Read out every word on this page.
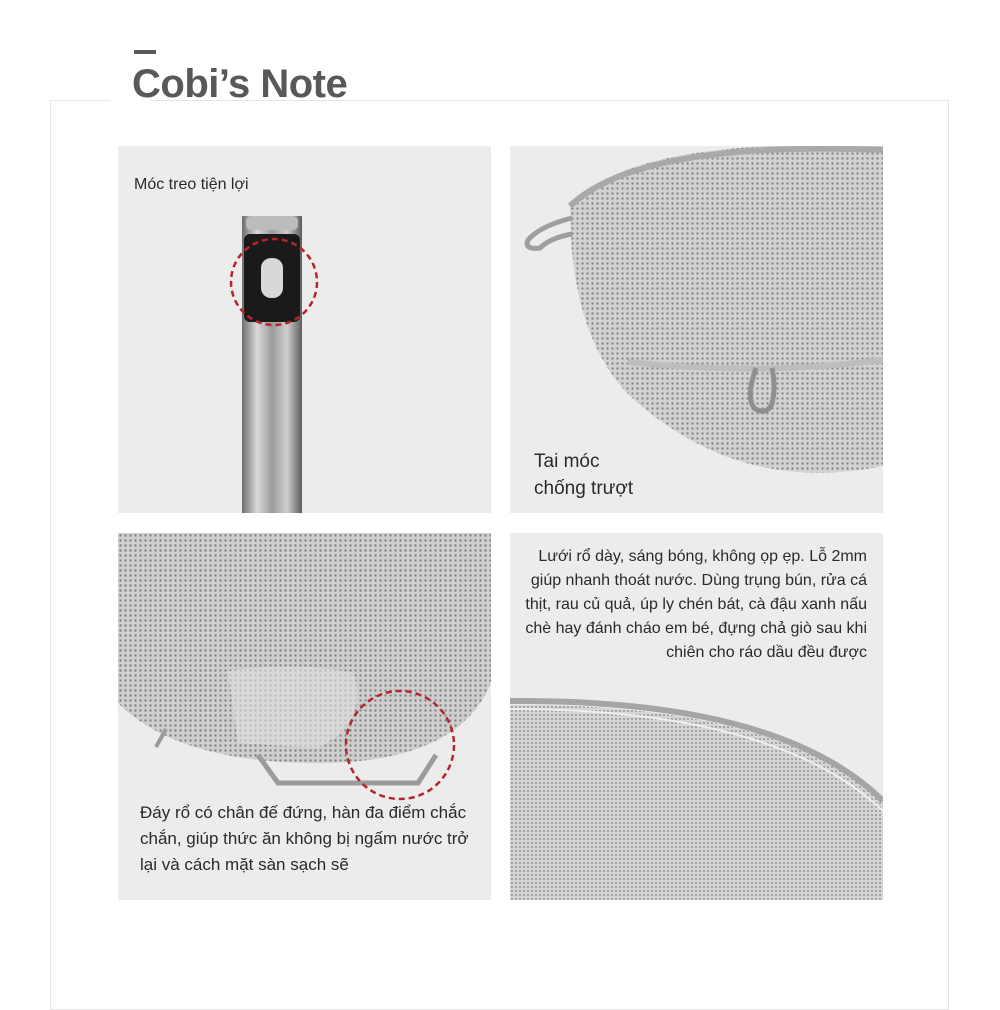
Cobi’s Note
Móc treo tiện lợi
Tai móc
chống trượt
Đáy rổ có chân đế đứng, hàn đa điểm chắc chắn, giúp thức ăn không bị ngấm nước trở lại và cách mặt sàn sạch sẽ
Lưới rổ dày, sáng bóng, không ọp ẹp. Lỗ 2mm giúp nhanh thoát nước. Dùng trụng bún, rửa cá thịt, rau củ quả, úp ly chén bát, cà đậu xanh nấu chè hay đánh cháo em bé, đựng chả giò sau khi chiên cho ráo dầu đều được
